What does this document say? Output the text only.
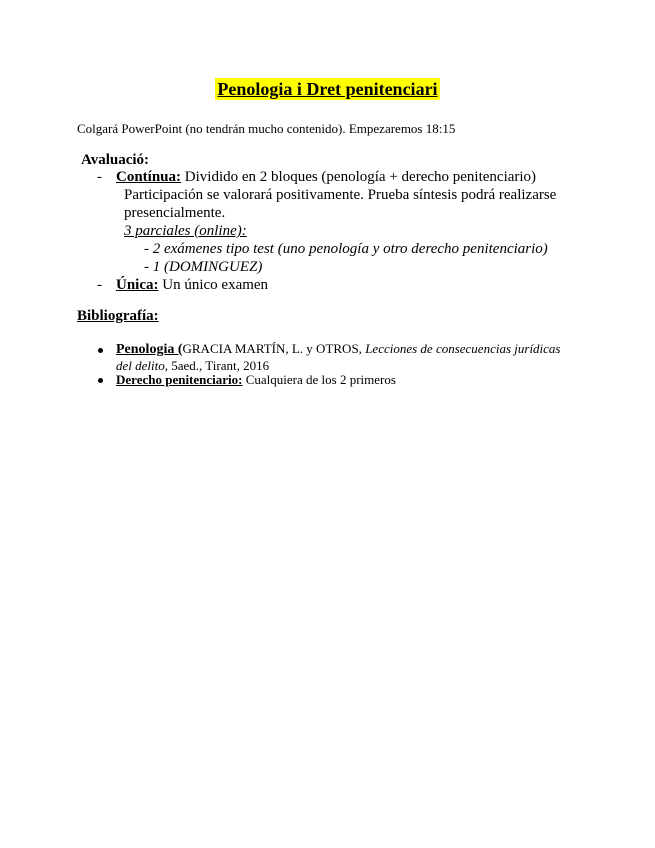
Penologia i Dret penitenciari
Colgará PowerPoint (no tendrán mucho contenido). Empezaremos 18:15
Avaluació:
- Contínua: Dividido en 2 bloques (penología + derecho penitenciario)
Participación se valorará positivamente. Prueba síntesis podrá realizarse
presencialmente.
3 parciales (online):
- 2 exámenes tipo test (uno penología y otro derecho penitenciario)
- 1 (DOMINGUEZ)
- Única: Un único examen
Bibliografía:
Penologia (GRACIA MARTÍN, L. y OTROS, Lecciones de consecuencias jurídicas
del delito, 5aed., Tirant, 2016
Derecho penitenciario: Cualquiera de los 2 primeros
